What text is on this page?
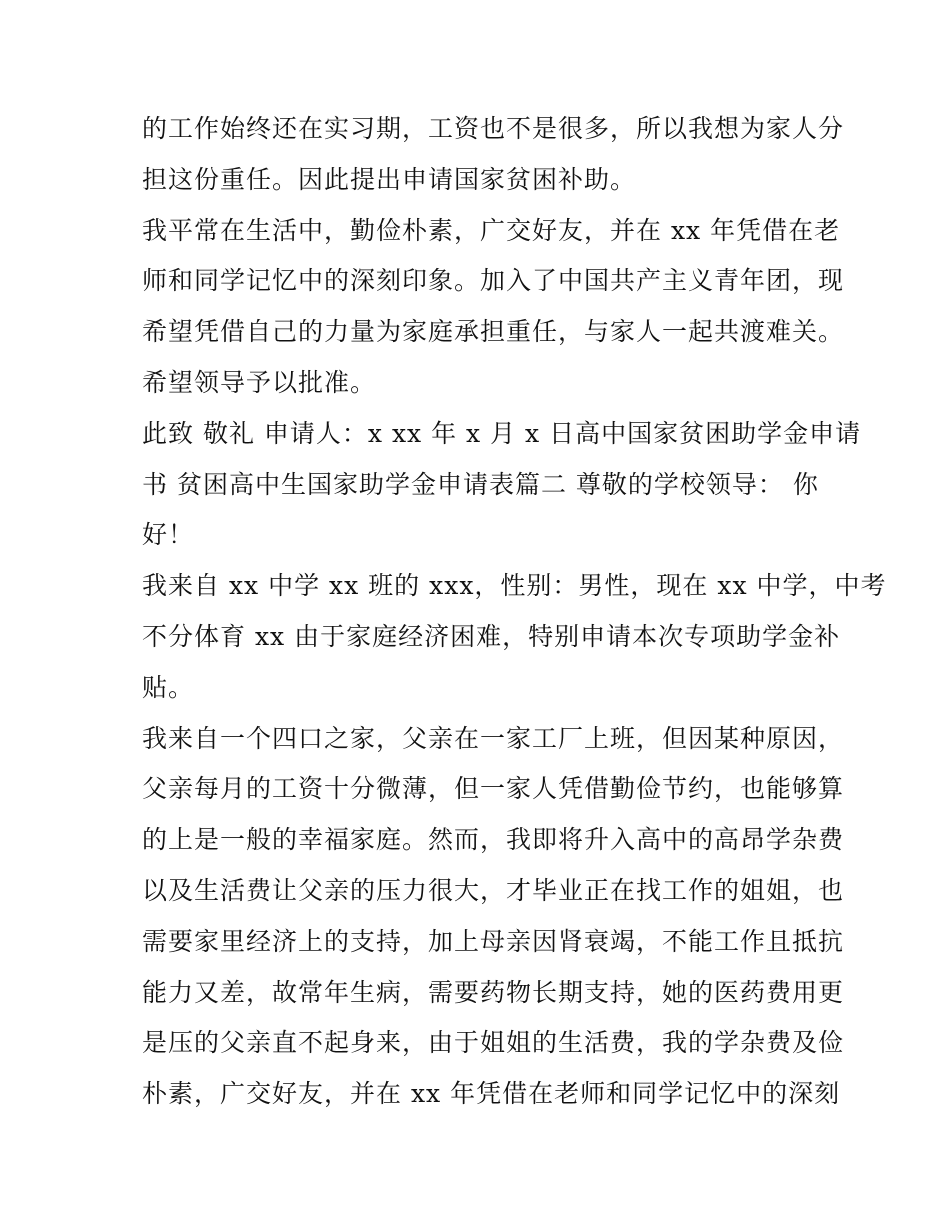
的工作始终还在实习期，工资也不是很多，所以我想为家人分
担这份重任。因此提出申请国家贫困补助。

我平常在生活中，勤俭朴素，广交好友，并在 xx 年凭借在老
师和同学记忆中的深刻印象。加入了中国共产主义青年团，现
希望凭借自己的力量为家庭承担重任，与家人一起共渡难关。
希望领导予以批准。

此致 敬礼 申请人：x xx 年 x 月 x 日高中国家贫困助学金申请
书 贫困高中生国家助学金申请表篇二 尊敬的学校领导： 你
好！

我来自 xx 中学 xx 班的 xxx，性别：男性，现在 xx 中学，中考
不分体育 xx 由于家庭经济困难，特别申请本次专项助学金补
贴。

我来自一个四口之家，父亲在一家工厂上班，但因某种原因，
父亲每月的工资十分微薄，但一家人凭借勤俭节约，也能够算
的上是一般的幸福家庭。然而，我即将升入高中的高昂学杂费
以及生活费让父亲的压力很大，才毕业正在找工作的姐姐，也
需要家里经济上的支持，加上母亲因肾衰竭，不能工作且抵抗
能力又差，故常年生病，需要药物长期支持，她的医药费用更
是压的父亲直不起身来，由于姐姐的生活费，我的学杂费及俭
朴素，广交好友，并在 xx 年凭借在老师和同学记忆中的深刻
